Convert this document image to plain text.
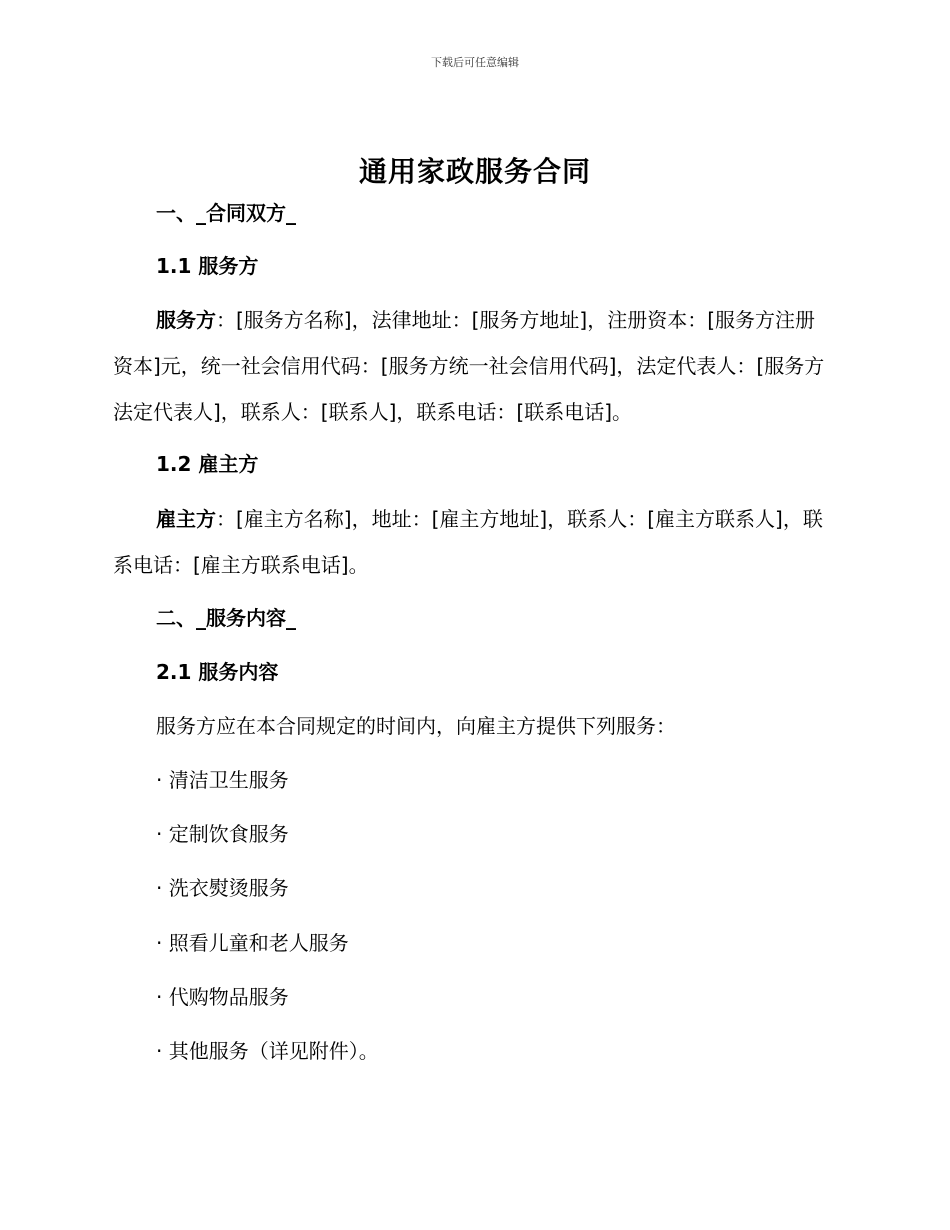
下载后可任意编辑
通用家政服务合同
一、_合同双方_
1.1 服务方
服务方：[服务方名称]，法律地址：[服务方地址]，注册资本：[服务方注册资本]元，统一社会信用代码：[服务方统一社会信用代码]，法定代表人：[服务方法定代表人]，联系人：[联系人]，联系电话：[联系电话]。
1.2 雇主方
雇主方：[雇主方名称]，地址：[雇主方地址]，联系人：[雇主方联系人]，联系电话：[雇主方联系电话]。
二、_服务内容_
2.1 服务内容
服务方应在本合同规定的时间内，向雇主方提供下列服务：
· 清洁卫生服务
· 定制饮食服务
· 洗衣熨烫服务
· 照看儿童和老人服务
· 代购物品服务
· 其他服务（详见附件）。
